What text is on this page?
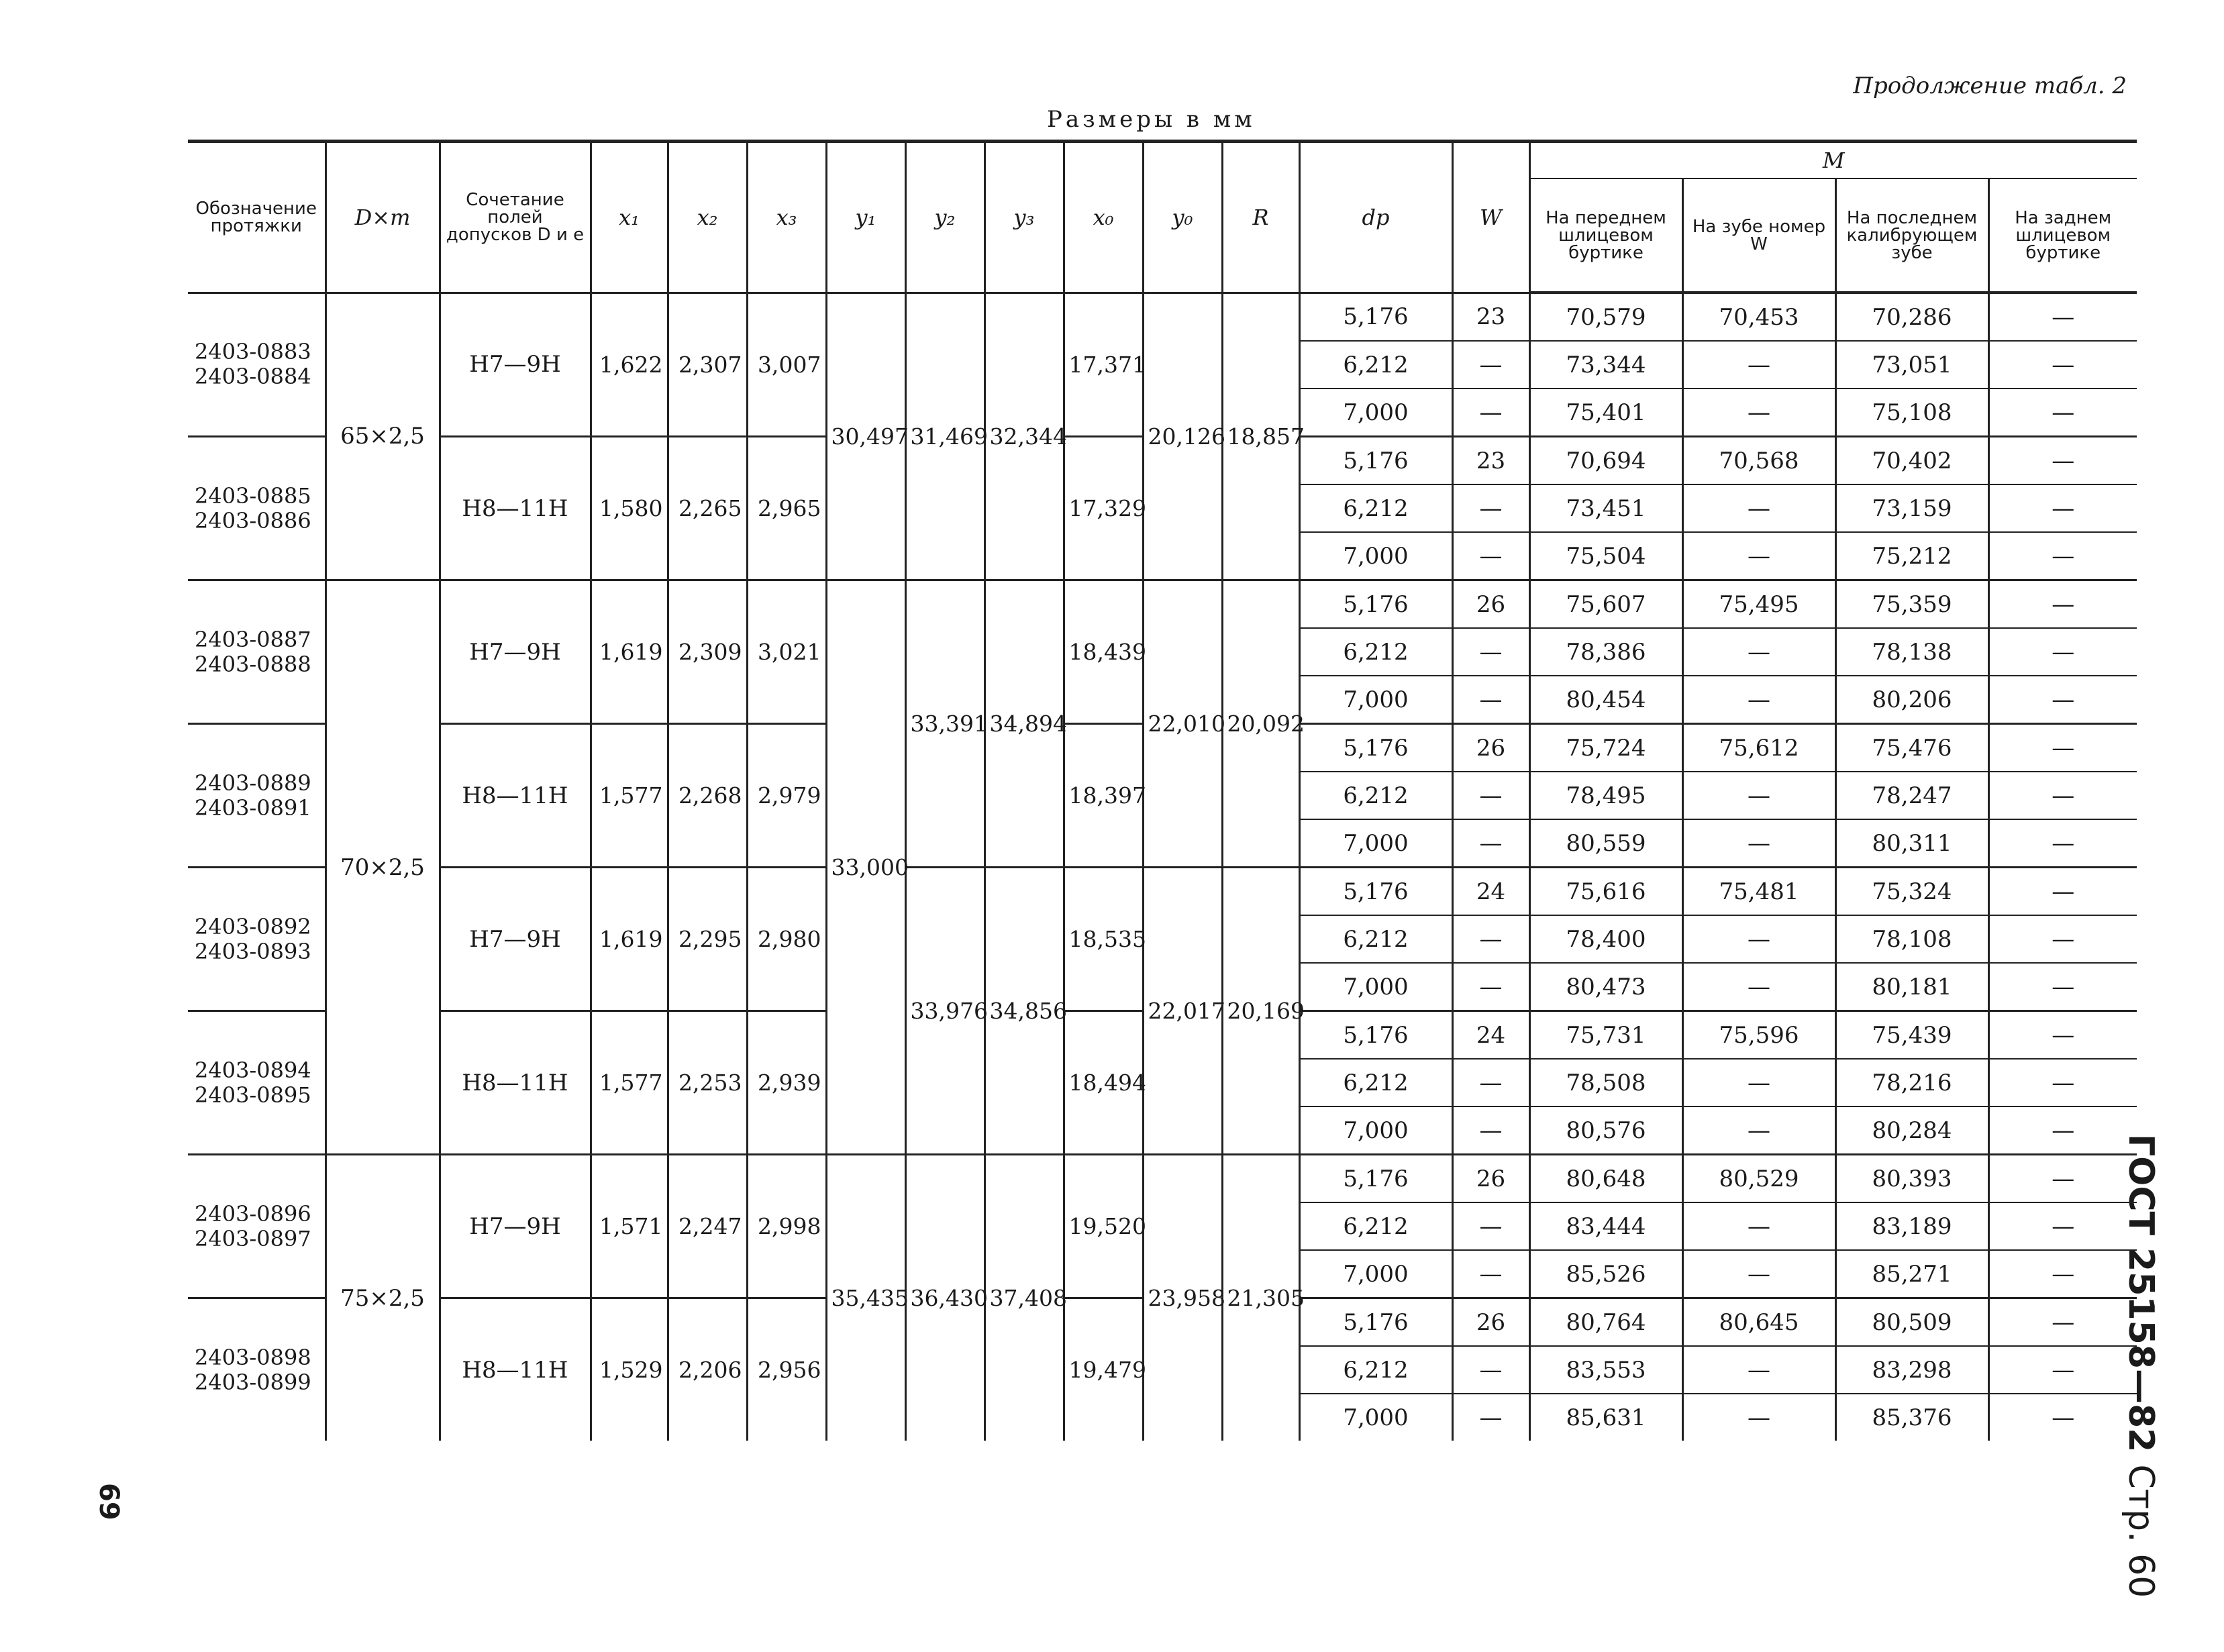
Продолжение табл. 2
Размеры в мм
ГОСТ 25158—82 Стр. 60
69
Обозначение протяжки	D×m	Сочетание полей допусков D и e	x₁	x₂	x₃	y₁	y₂	y₃	x₀	y₀	R	dp	W	M			
														На переднем шлицевом буртике	На зубе номер W	На последнем калибрующем зубе	На заднем шлицевом буртике

2403-0883
2403-0884	65×2,5	H7—9H	1,622	2,307	3,007	30,497	31,469	32,344	17,371	20,126	18,857	5,176	23	70,579	70,453	70,286	—
												6,212	—	73,344	—	73,051	—
												7,000	—	75,401	—	75,108	—

2403-0885
2403-0886		H8—11H	1,580	2,265	2,965				17,329			5,176	23	70,694	70,568	70,402	—
												6,212	—	73,451	—	73,159	—
												7,000	—	75,504	—	75,212	—

2403-0887
2403-0888	70×2,5	H7—9H	1,619	2,309	3,021	33,000	33,391	34,894	18,439	22,010	20,092	5,176	26	75,607	75,495	75,359	—
												6,212	—	78,386	—	78,138	—
												7,000	—	80,454	—	80,206	—

2403-0889
2403-0891		H8—11H	1,577	2,268	2,979				18,397			5,176	26	75,724	75,612	75,476	—
												6,212	—	78,495	—	78,247	—
												7,000	—	80,559	—	80,311	—

2403-0892
2403-0893		H7—9H	1,619	2,295	2,980		33,976	34,856	18,535	22,017	20,169	5,176	24	75,616	75,481	75,324	—
												6,212	—	78,400	—	78,108	—
												7,000	—	80,473	—	80,181	—

2403-0894
2403-0895		H8—11H	1,577	2,253	2,939				18,494			5,176	24	75,731	75,596	75,439	—
												6,212	—	78,508	—	78,216	—
												7,000	—	80,576	—	80,284	—

2403-0896
2403-0897	75×2,5	H7—9H	1,571	2,247	2,998	35,435	36,430	37,408	19,520	23,958	21,305	5,176	26	80,648	80,529	80,393	—
												6,212	—	83,444	—	83,189	—
												7,000	—	85,526	—	85,271	—

2403-0898
2403-0899		H8—11H	1,529	2,206	2,956				19,479			5,176	26	80,764	80,645	80,509	—
												6,212	—	83,553	—	83,298	—
												7,000	—	85,631	—	85,376	—
